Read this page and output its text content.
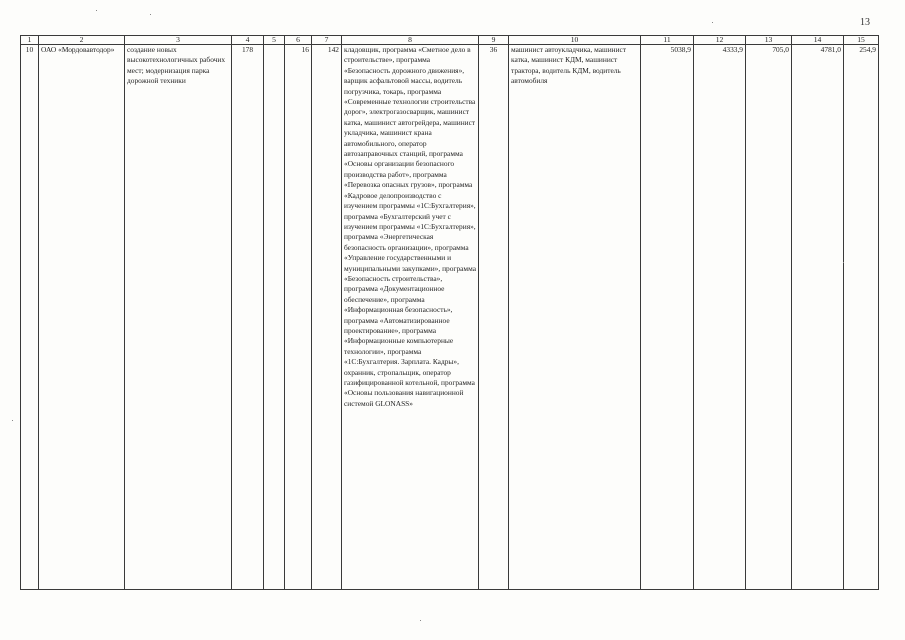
13
1	2	3	4	5	6	7	8	9	10	11	12	13	14	15
10	ОАО «Мордовавтодор»	создание новых высокотехнологичных рабочих мест; модернизация парка дорожной техники	178		16	142	кладовщик, программа «Сметное дело в строительстве», программа «Безопасность дорожного движения», варщик асфальтовой массы, водитель погрузчика, токарь, программа «Современные технологии строительства дорог», электрогазосварщик, машинист катка, машинист автогрейдера, машинист укладчика, машинист крана автомобильного, оператор автозаправочных станций, программа «Основы организации безопасного производства работ», программа «Перевозка опасных грузов», программа «Кадровое делопроизводство с изучением программы «1С:Бухгалтерия», программа «Бухгалтерский учет с изучением программы «1С:Бухгалтерия», программа «Энергетическая безопасность организации», программа «Управление государственными и муниципальными закупками», программа «Безопасность строительства», программа «Документационное обеспечение», программа «Информационная безопасность», программа «Автоматизированное проектирование», программа «Информационные компьютерные технологии», программа «1С:Бухгалтерия. Зарплата. Кадры», охранник, стропальщик, оператор газифицированной котельной, программа «Основы пользования навигационной системой GLONASS»	36	машинист автоукладчика, машинист катка, машинист КДМ, машинист трактора, водитель КДМ, водитель автомобиля	5038,9	4333,9	705,0	4781,0	254,9
